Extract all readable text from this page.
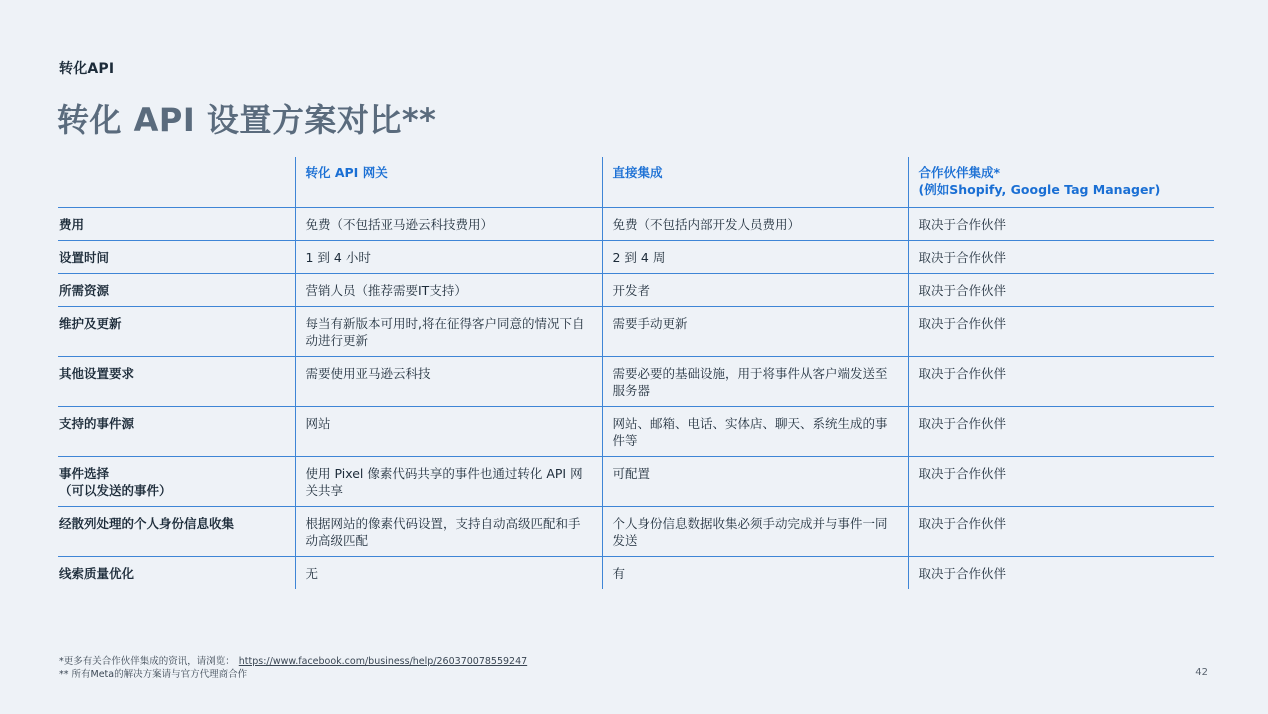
转化API
转化 API 设置方案对比**
	转化 API 网关	直接集成	合作伙伴集成*
(例如Shopify, Google Tag Manager)

费用	免费（不包括亚马逊云科技费用）	免费（不包括内部开发人员费用）	取决于合作伙伴
设置时间	1 到 4 小时	2 到 4 周	取决于合作伙伴
所需资源	营销人员（推荐需要IT支持）	开发者	取决于合作伙伴
维护及更新	每当有新版本可用时,将在征得客户同意的情况下自动进行更新	需要手动更新	取决于合作伙伴
其他设置要求	需要使用亚马逊云科技	需要必要的基础设施，用于将事件从客户端发送至服务器	取决于合作伙伴
支持的事件源	网站	网站、邮箱、电话、实体店、聊天、系统生成的事件等	取决于合作伙伴
事件选择
（可以发送的事件）	使用 Pixel 像素代码共享的事件也通过转化 API 网关共享	可配置	取决于合作伙伴
经散列处理的个人身份信息收集	根据网站的像素代码设置，支持自动高级匹配和手动高级匹配	个人身份信息数据收集必须手动完成并与事件一同发送	取决于合作伙伴
线索质量优化	无	有	取决于合作伙伴
*更多有关合作伙伴集成的资讯，请浏览： https://www.facebook.com/business/help/260370078559247
** 所有Meta的解决方案请与官方代理商合作	42
